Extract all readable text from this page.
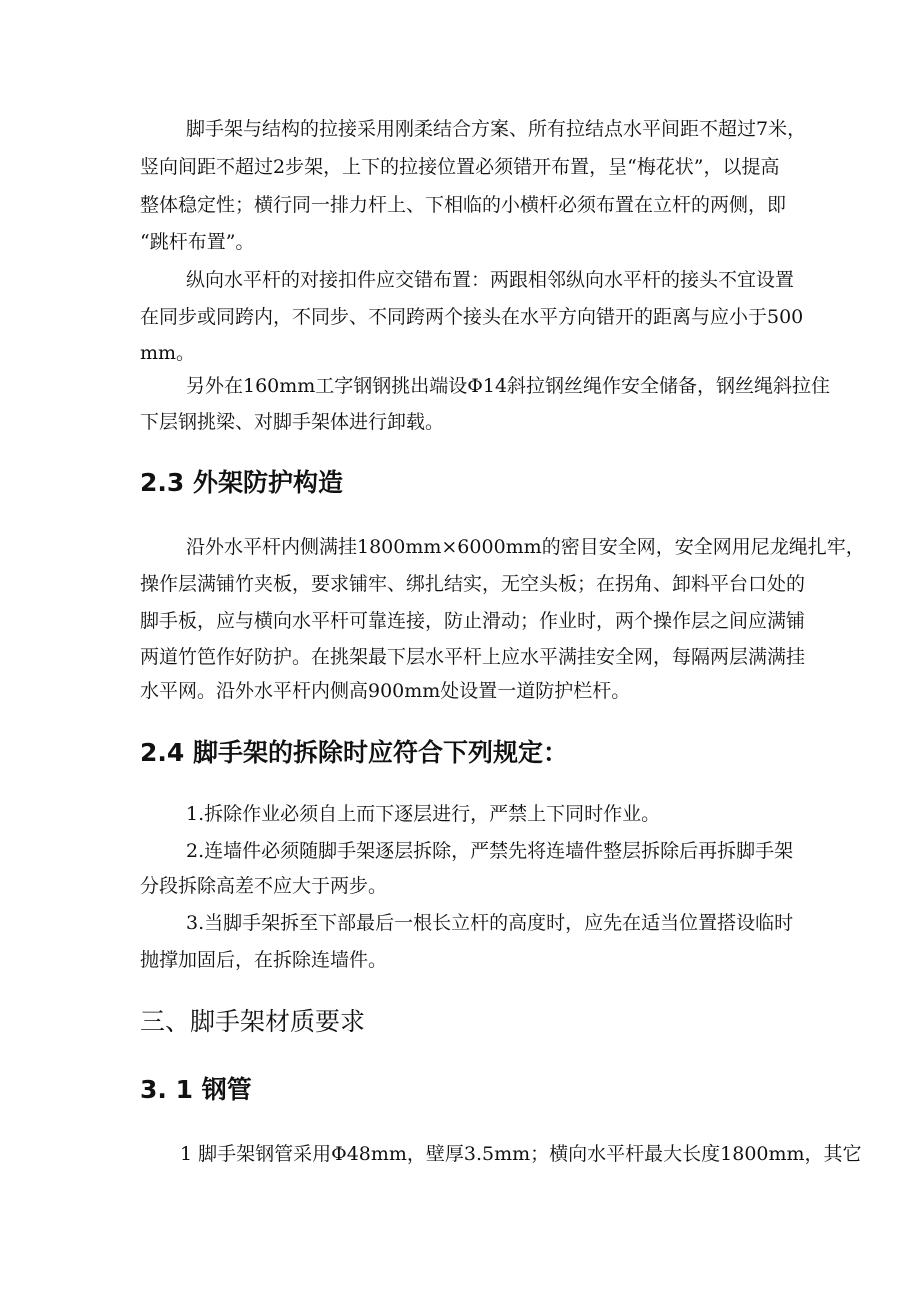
脚手架与结构的拉接采用刚柔结合方案、所有拉结点水平间距不超过7米，
竖向间距不超过2步架，上下的拉接位置必须错开布置，呈“梅花状”，以提高
整体稳定性；横行同一排力杆上、下相临的小横杆必须布置在立杆的两侧，即
“跳杆布置”。
纵向水平杆的对接扣件应交错布置：两跟相邻纵向水平杆的接头不宜设置
在同步或同跨内，不同步、不同跨两个接头在水平方向错开的距离与应小于500
mm。
另外在160mm工字钢钢挑出端设Φ14斜拉钢丝绳作安全储备，钢丝绳斜拉住
下层钢挑梁、对脚手架体进行卸载。
2.3 外架防护构造
沿外水平杆内侧满挂1800mm×6000mm的密目安全网，安全网用尼龙绳扎牢，
操作层满铺竹夹板，要求铺牢、绑扎结实，无空头板；在拐角、卸料平台口处的
脚手板，应与横向水平杆可靠连接，防止滑动；作业时，两个操作层之间应满铺
两道竹笆作好防护。在挑架最下层水平杆上应水平满挂安全网，每隔两层满满挂
水平网。沿外水平杆内侧高900mm处设置一道防护栏杆。
2.4 脚手架的拆除时应符合下列规定：
1.拆除作业必须自上而下逐层进行，严禁上下同时作业。
2.连墙件必须随脚手架逐层拆除，严禁先将连墙件整层拆除后再拆脚手架
分段拆除高差不应大于两步。
3.当脚手架拆至下部最后一根长立杆的高度时，应先在适当位置搭设临时
抛撑加固后，在拆除连墙件。
三、脚手架材质要求
3. 1 钢管
1 脚手架钢管采用Φ48mm，壁厚3.5mm；横向水平杆最大长度1800mm，其它
